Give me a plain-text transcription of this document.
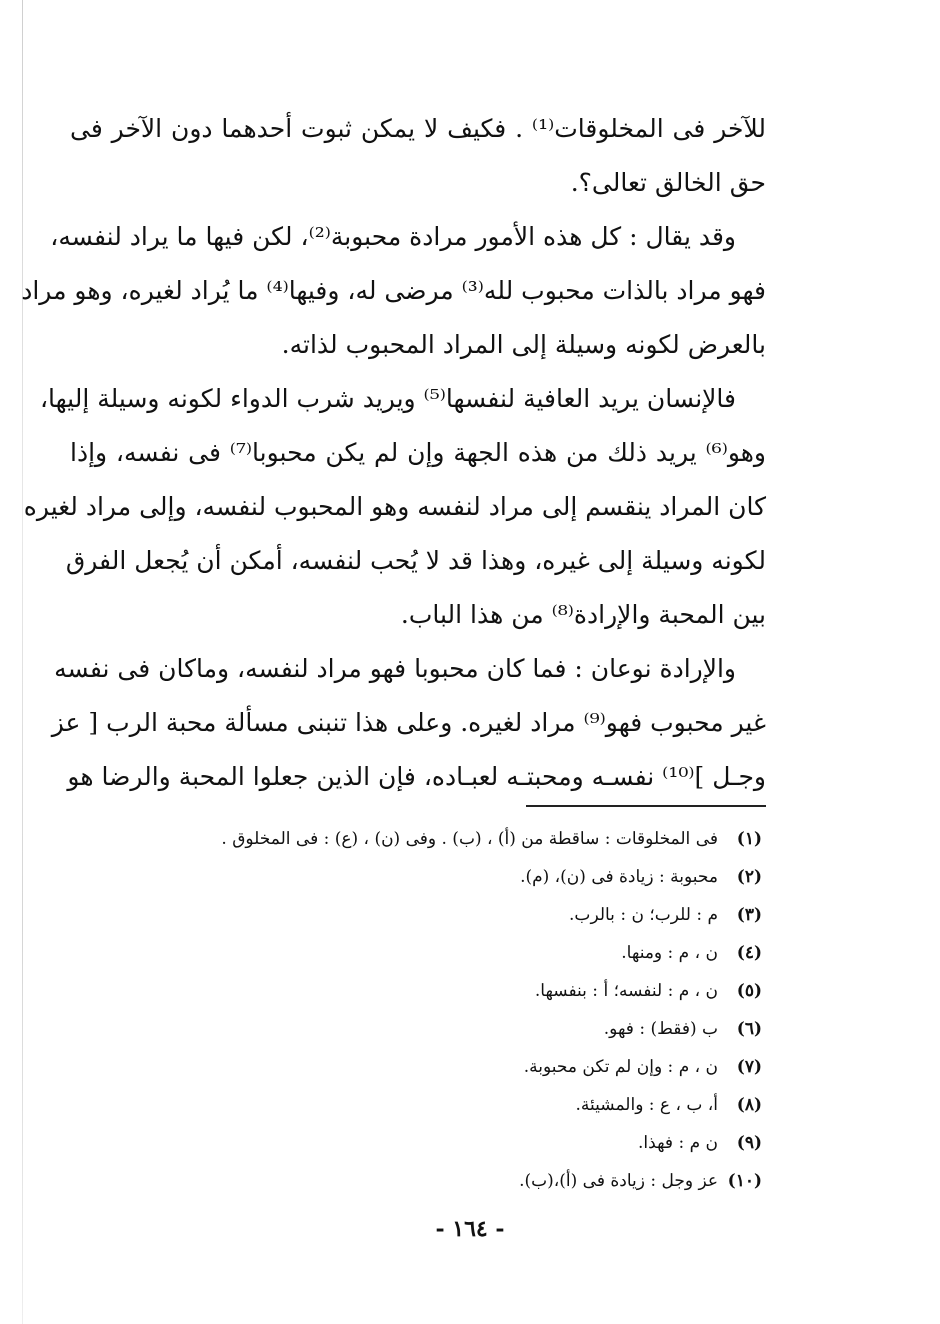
للآخر فى المخلوقات⁽¹⁾ . فكيف لا يمكن ثبوت أحدهما دون الآخر فى
حق الخالق تعالى؟.
وقد يقال : كل هذه الأمور مرادة محبوبة⁽²⁾، لكن فيها ما يراد لنفسه،
فهو مراد بالذات محبوب لله⁽³⁾ مرضى له، وفيها⁽⁴⁾ ما يُراد لغيره، وهو مراد
بالعرض لكونه وسيلة إلى المراد المحبوب لذاته.
فالإنسان يريد العافية لنفسها⁽⁵⁾ ويريد شرب الدواء لكونه وسيلة إليها،
وهو⁽⁶⁾ يريد ذلك من هذه الجهة وإن لم يكن محبوبا⁽⁷⁾ فى نفسه، وإذا
كان المراد ينقسم إلى مراد لنفسه وهو المحبوب لنفسه، وإلى مراد لغيره
لكونه وسيلة إلى غيره، وهذا قد لا يُحب لنفسه، أمكن أن يُجعل الفرق
بين المحبة والإرادة⁽⁸⁾ من هذا الباب.
والإرادة نوعان : فما كان محبوبا فهو مراد لنفسه، وماكان فى نفسه
غير محبوب فهو⁽⁹⁾ مراد لغيره. وعلى هذا تنبنى مسألة محبة الرب [ عز
وجـل ]⁽¹⁰⁾ نفسـه ومحبتـه لعبـاده، فإن الذين جعلوا المحبة والرضا هو
(١)فى المخلوقات : ساقطة من (أ) ، (ب) . وفى (ن) ، (ع) : فى المخلوق .
(٢)محبوبة : زيادة فى (ن)، (م).
(٣)م : للرب؛ ن : بالرب.
(٤)ن ، م : ومنها.
(٥)ن ، م : لنفسه؛ أ : بنفسها.
(٦)ب (فقط) : فهو.
(٧)ن ، م : وإن لم تكن محبوبة.
(٨)أ، ب ، ع : والمشيئة.
(٩)ن م : فهذا.
(١٠)عز وجل : زيادة فى (أ)،(ب).
- ١٦٤ -
